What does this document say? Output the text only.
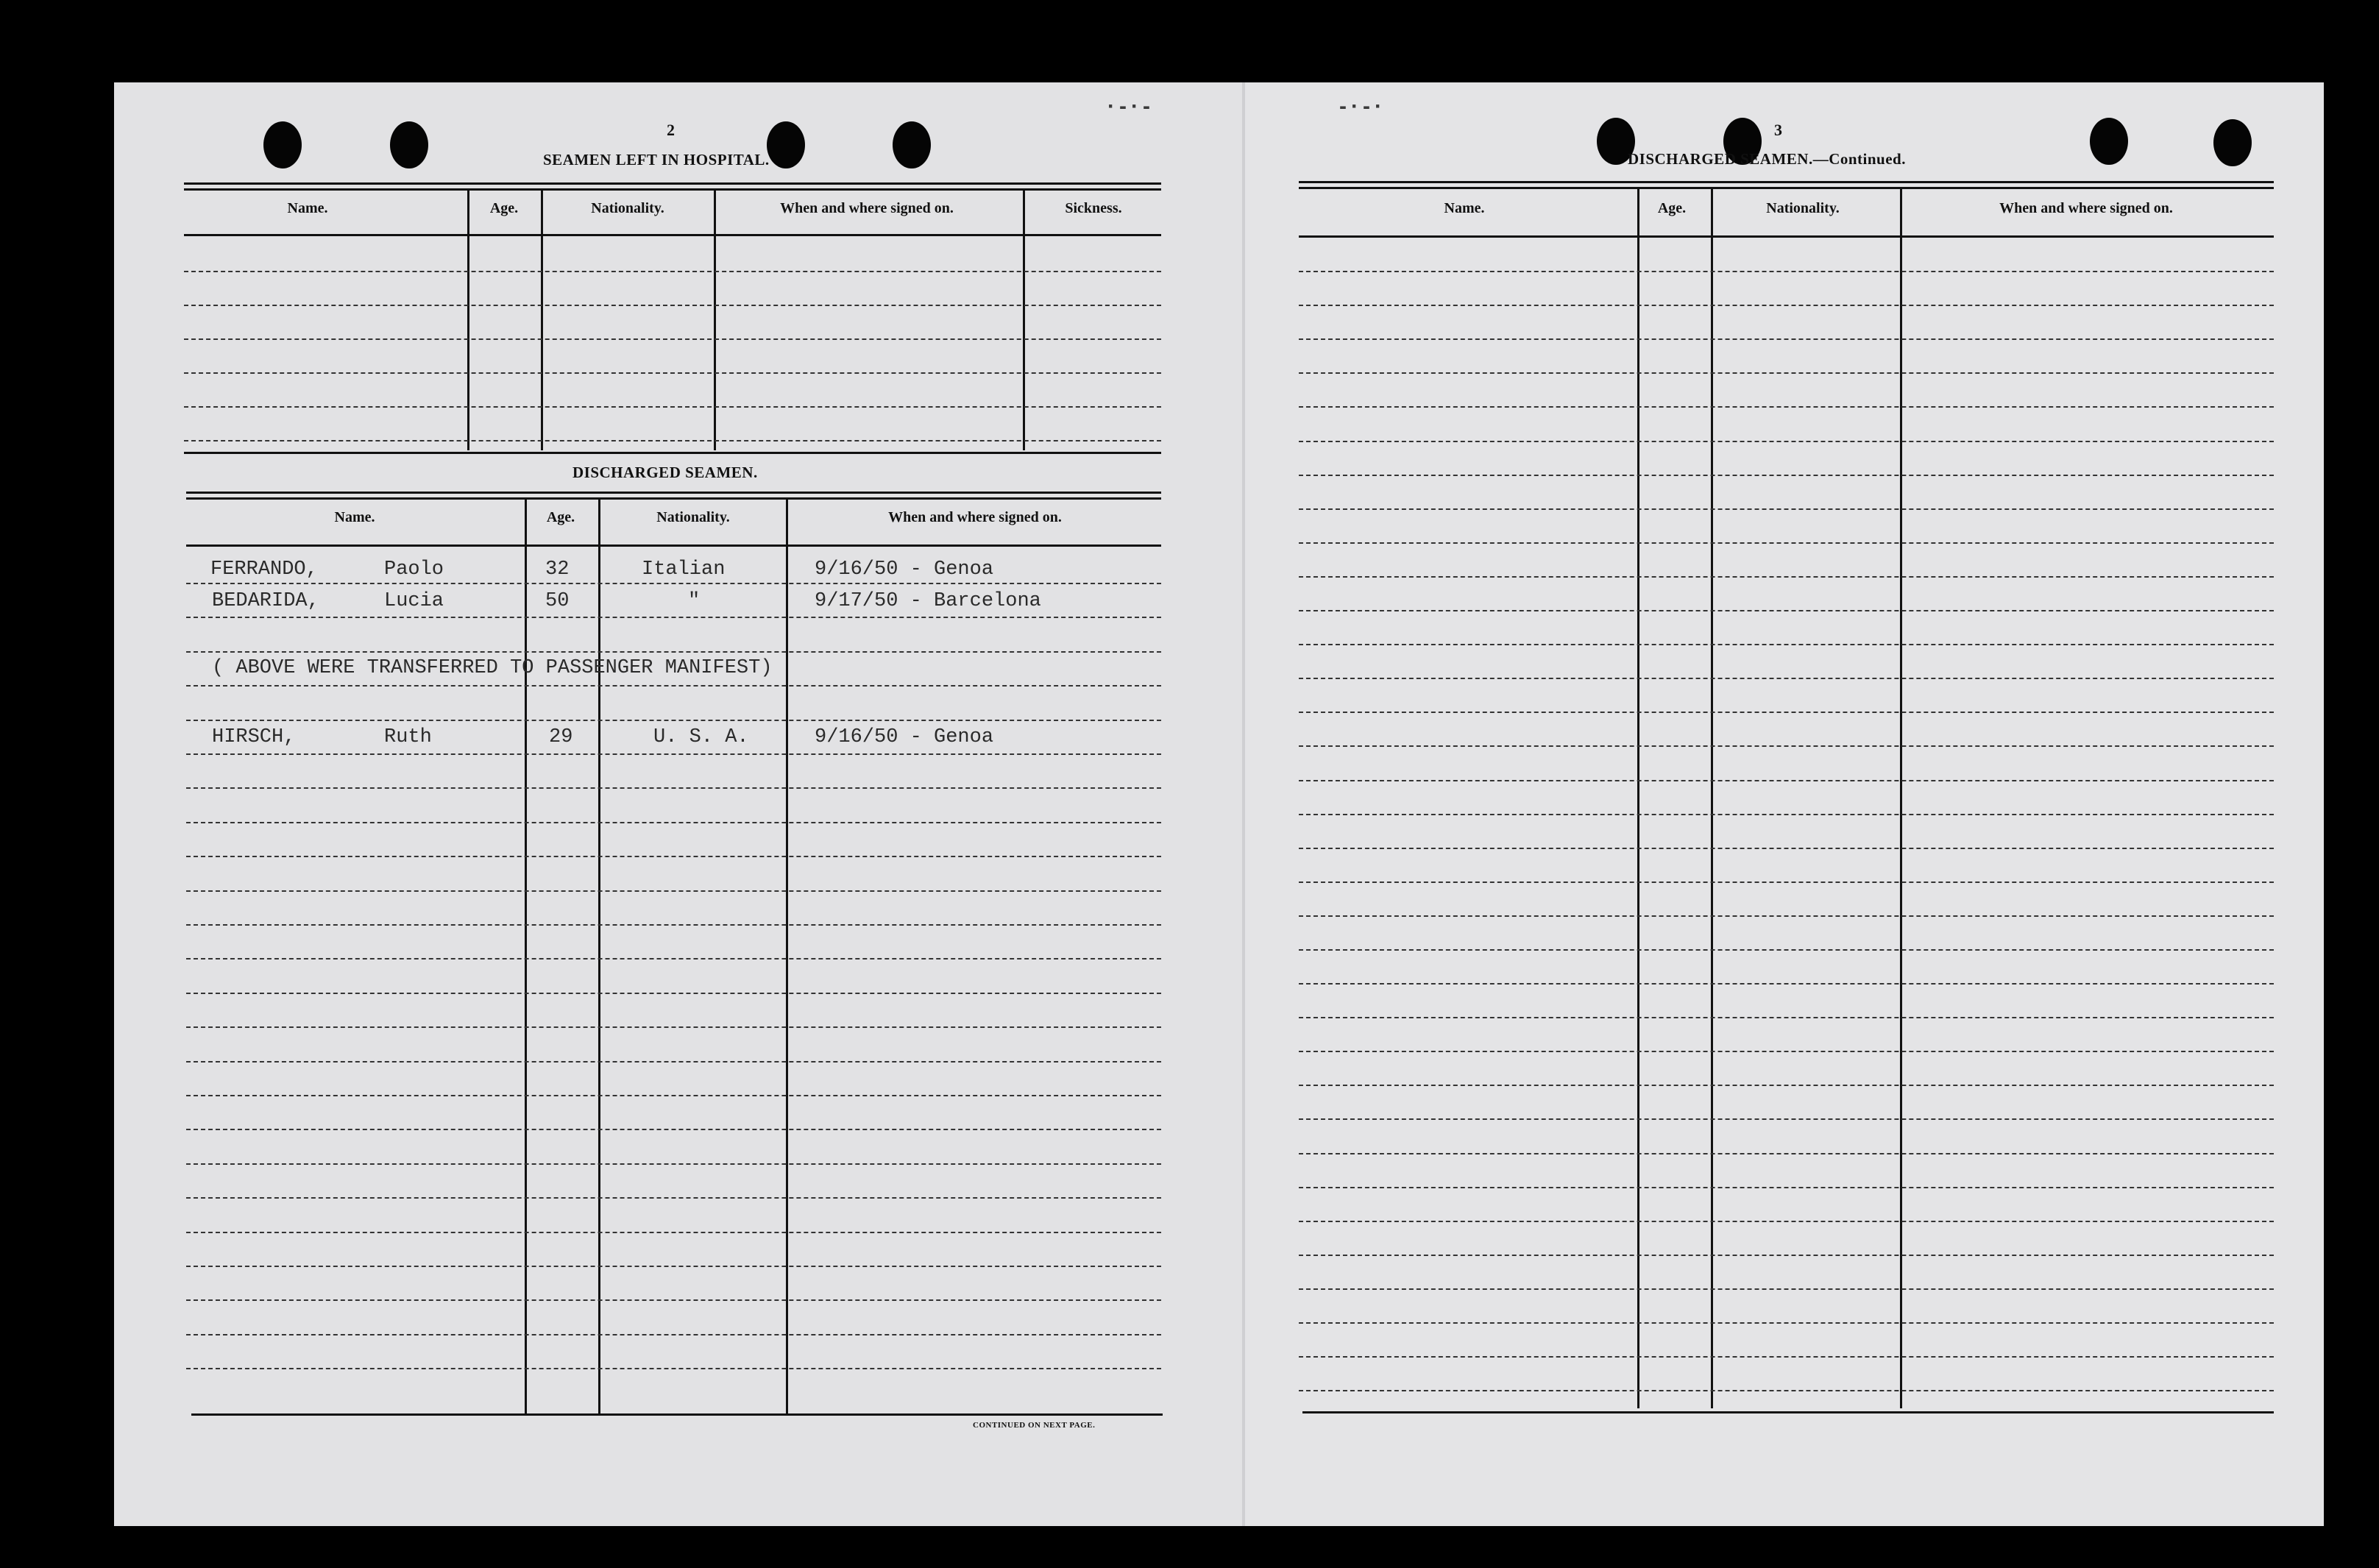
·-·-	-·-·
2
SEAMEN LEFT IN HOSPITAL.
Name.	Age.	Nationality.	When and where signed on.	Sickness.
DISCHARGED SEAMEN.
Name.	Age.	Nationality.	When and where signed on.
FERRANDO,	Paolo	32	Italian	9/16/50 - Genoa
BEDARIDA,	Lucia	50	"	9/17/50 - Barcelona
( ABOVE WERE TRANSFERRED TO PASSENGER MANIFEST)
HIRSCH,	Ruth	29	U. S. A.	9/16/50 - Genoa
CONTINUED ON NEXT PAGE.
3
DISCHARGED SEAMEN.—Continued.
Name.	Age.	Nationality.	When and where signed on.
